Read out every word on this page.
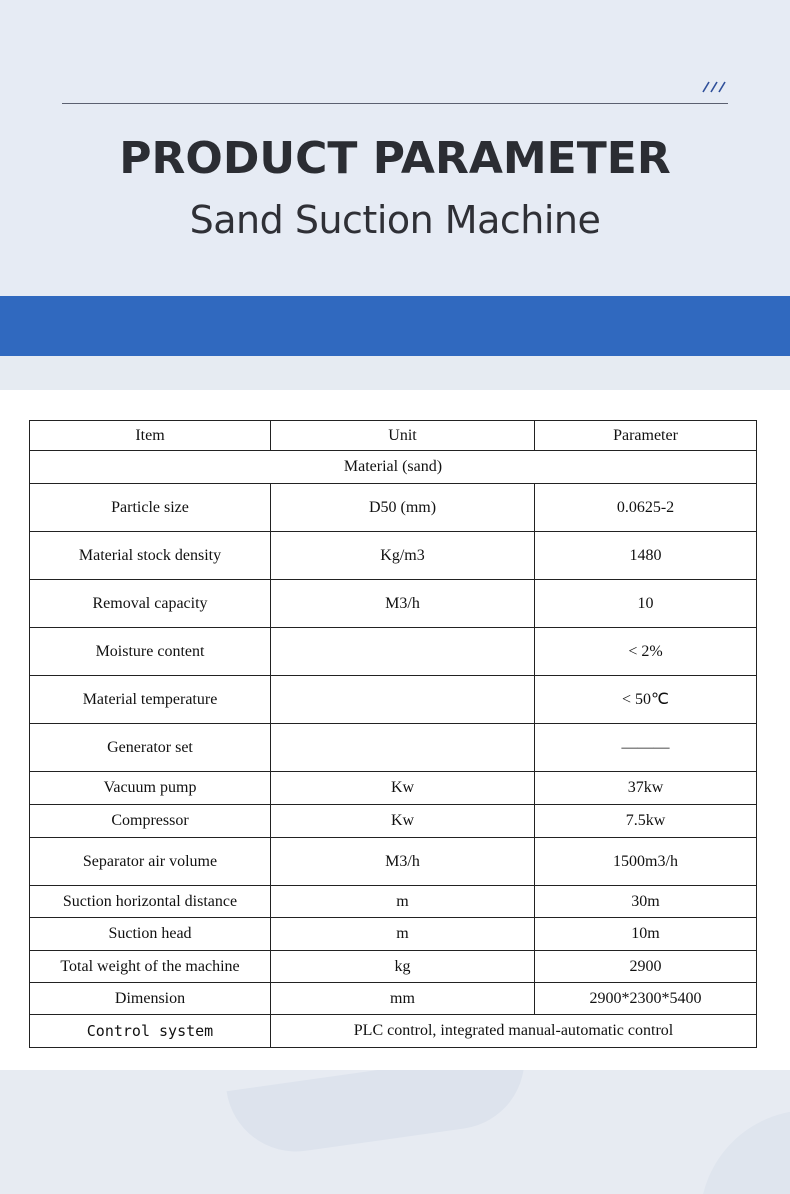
PRODUCT PARAMETER
Sand Suction Machine
Item	Unit	Parameter
Material (sand)		
Particle size	D50 (mm)	0.0625-2
Material stock density	Kg/m3	1480
Removal capacity	M3/h	10
Moisture content		< 2%
Material temperature		< 50℃
Generator set		———
Vacuum pump	Kw	37kw
Compressor	Kw	7.5kw
Separator air volume	M3/h	1500m3/h
Suction horizontal distance	m	30m
Suction head	m	10m
Total weight of the machine	kg	2900
Dimension	mm	2900*2300*5400
Control system	PLC control, integrated manual-automatic control	
